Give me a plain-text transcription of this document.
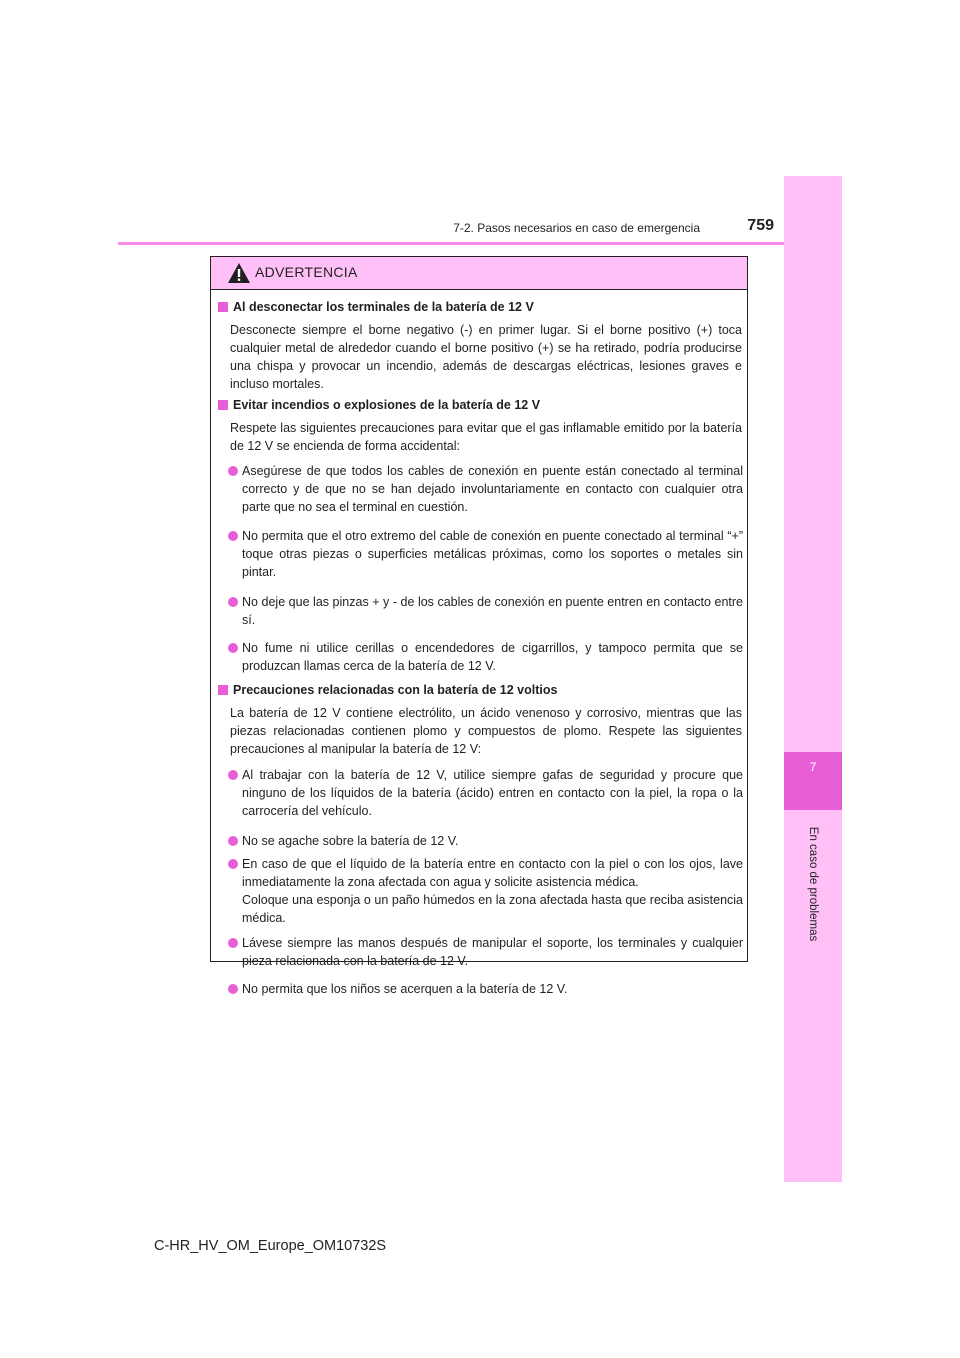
7-2. Pasos necesarios en caso de emergencia	759
7
En caso de problemas
ADVERTENCIA
Al desconectar los terminales de la batería de 12 V
Desconecte siempre el borne negativo (-) en primer lugar. Si el borne positivo (+) toca cualquier metal de alrededor cuando el borne positivo (+) se ha retirado, podría producirse una chispa y provocar un incendio, además de descargas eléctricas, lesiones graves e incluso mortales.
Evitar incendios o explosiones de la batería de 12 V
Respete las siguientes precauciones para evitar que el gas inflamable emitido por la batería de 12 V se encienda de forma accidental:
Asegúrese de que todos los cables de conexión en puente están conectado al terminal correcto y de que no se han dejado involuntariamente en contacto con cualquier otra parte que no sea el terminal en cuestión.
No permita que el otro extremo del cable de conexión en puente conectado al terminal “+” toque otras piezas o superficies metálicas próximas, como los soportes o metales sin pintar.
No deje que las pinzas + y - de los cables de conexión en puente entren en contacto entre sí.
No fume ni utilice cerillas o encendedores de cigarrillos, y tampoco permita que se produzcan llamas cerca de la batería de 12 V.
Precauciones relacionadas con la batería de 12 voltios
La batería de 12 V contiene electrólito, un ácido venenoso y corrosivo, mientras que las piezas relacionadas contienen plomo y compuestos de plomo. Respete las siguientes precauciones al manipular la batería de 12 V:
Al trabajar con la batería de 12 V, utilice siempre gafas de seguridad y procure que ninguno de los líquidos de la batería (ácido) entren en contacto con la piel, la ropa o la carrocería del vehículo.
No se agache sobre la batería de 12 V.
En caso de que el líquido de la batería entre en contacto con la piel o con los ojos, lave inmediatamente la zona afectada con agua y solicite asistencia médica.
Coloque una esponja o un paño húmedos en la zona afectada hasta que reciba asistencia médica.
Lávese siempre las manos después de manipular el soporte, los terminales y cualquier pieza relacionada con la batería de 12 V.
No permita que los niños se acerquen a la batería de 12 V.
C-HR_HV_OM_Europe_OM10732S
